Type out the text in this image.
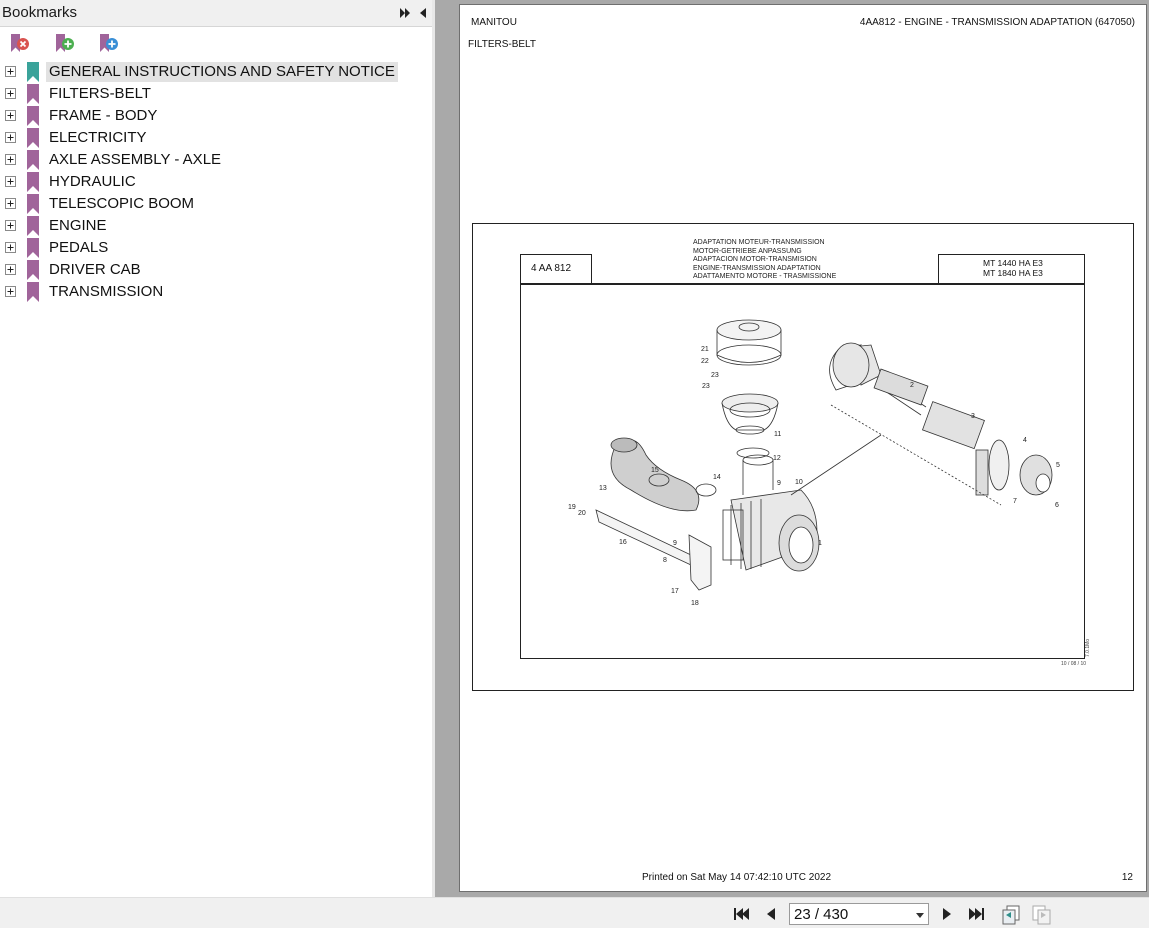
Bookmarks
GENERAL INSTRUCTIONS AND SAFETY NOTICE
FILTERS-BELT
FRAME - BODY
ELECTRICITY
AXLE ASSEMBLY - AXLE
HYDRAULIC
TELESCOPIC BOOM
ENGINE
PEDALS
DRIVER CAB
TRANSMISSION
MANITOU	4AA812 - ENGINE - TRANSMISSION ADAPTATION (647050)
FILTERS-BELT
4 AA 812
ADAPTATION MOTEUR-TRANSMISSION
MOTOR-GETRIEBE ANPASSUNG
ADAPTACION MOTOR-TRANSMISION
ENGINE-TRANSMISSION ADAPTATION
ADATTAMENTO MOTORE - TRASMISSIONE
MT 1440 HA E3
MT 1840 HA E3
1
2
3
4
5
6
7
8
9
9 10
11
12
13
14
15
16
17
18
19
20
21
22
23
23
7.0.1Mo
10 / 08 / 10
Printed on Sat May 14 07:42:10 UTC 2022	12
23 / 430
